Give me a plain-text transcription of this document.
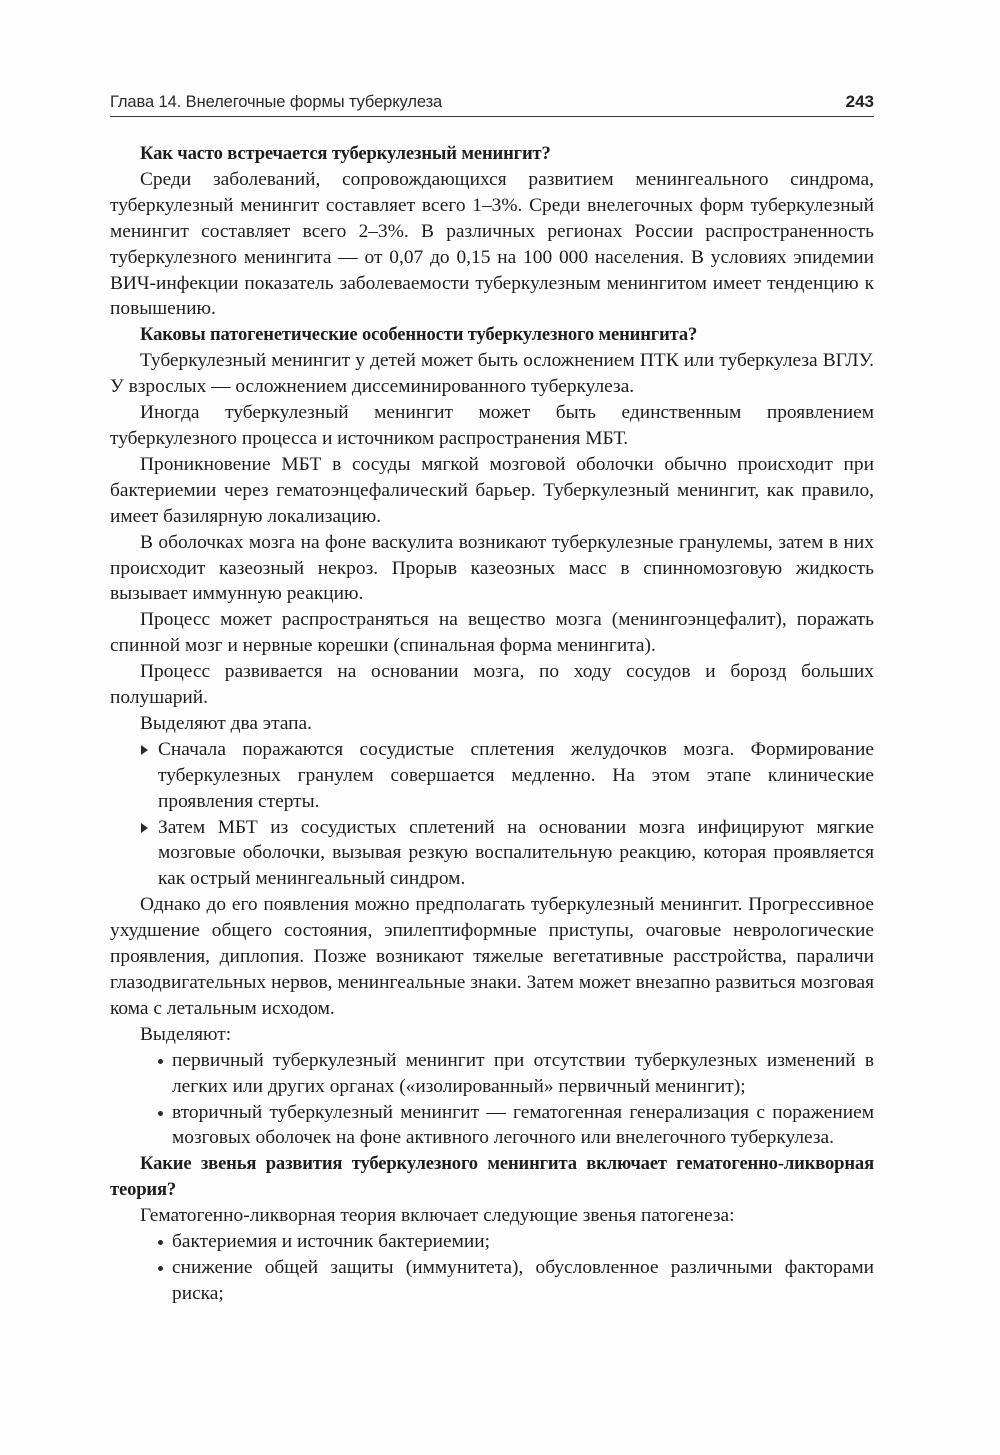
Глава 14. Внелегочные формы туберкулеза	243

Как часто встречается туберкулезный менингит?

Среди заболеваний, сопровождающихся развитием менингеального синдрома, туберкулезный менингит составляет всего 1–3%. Среди внелегочных форм туберкулезный менингит составляет всего 2–3%. В различных регионах России распространенность туберкулезного менингита — от 0,07 до 0,15 на 100 000 населения. В условиях эпидемии ВИЧ-инфекции показатель заболеваемости туберкулезным менингитом имеет тенденцию к повышению.

Каковы патогенетические особенности туберкулезного менингита?

Туберкулезный менингит у детей может быть осложнением ПТК или туберкулеза ВГЛУ. У взрослых — осложнением диссеминированного туберкулеза.

Иногда туберкулезный менингит может быть единственным проявлением туберкулезного процесса и источником распространения МБТ.

Проникновение МБТ в сосуды мягкой мозговой оболочки обычно происходит при бактериемии через гематоэнцефалический барьер. Туберкулезный менингит, как правило, имеет базилярную локализацию.

В оболочках мозга на фоне васкулита возникают туберкулезные гранулемы, затем в них происходит казеозный некроз. Прорыв казеозных масс в спинномозговую жидкость вызывает иммунную реакцию.

Процесс может распространяться на вещество мозга (менингоэнцефалит), поражать спинной мозг и нервные корешки (спинальная форма менингита).

Процесс развивается на основании мозга, по ходу сосудов и борозд больших полушарий.

Выделяют два этапа.

Сначала поражаются сосудистые сплетения желудочков мозга. Формирование туберкулезных гранулем совершается медленно. На этом этапе клинические проявления стерты.
Затем МБТ из сосудистых сплетений на основании мозга инфицируют мягкие мозговые оболочки, вызывая резкую воспалительную реакцию, которая проявляется как острый менингеальный синдром.

Однако до его появления можно предполагать туберкулезный менингит. Прогрессивное ухудшение общего состояния, эпилептиформные приступы, очаговые неврологические проявления, диплопия. Позже возникают тяжелые вегетативные расстройства, параличи глазодвигательных нервов, менингеальные знаки. Затем может внезапно развиться мозговая кома с летальным исходом.

Выделяют:

первичный туберкулезный менингит при отсутствии туберкулезных изменений в легких или других органах («изолированный» первичный менингит);
вторичный туберкулезный менингит — гематогенная генерализация с поражением мозговых оболочек на фоне активного легочного или внелегочного туберкулеза.

Какие звенья развития туберкулезного менингита включает гематогенно-ликворная теория?

Гематогенно-ликворная теория включает следующие звенья патогенеза:

бактериемия и источник бактериемии;
снижение общей защиты (иммунитета), обусловленное различными факторами риска;
